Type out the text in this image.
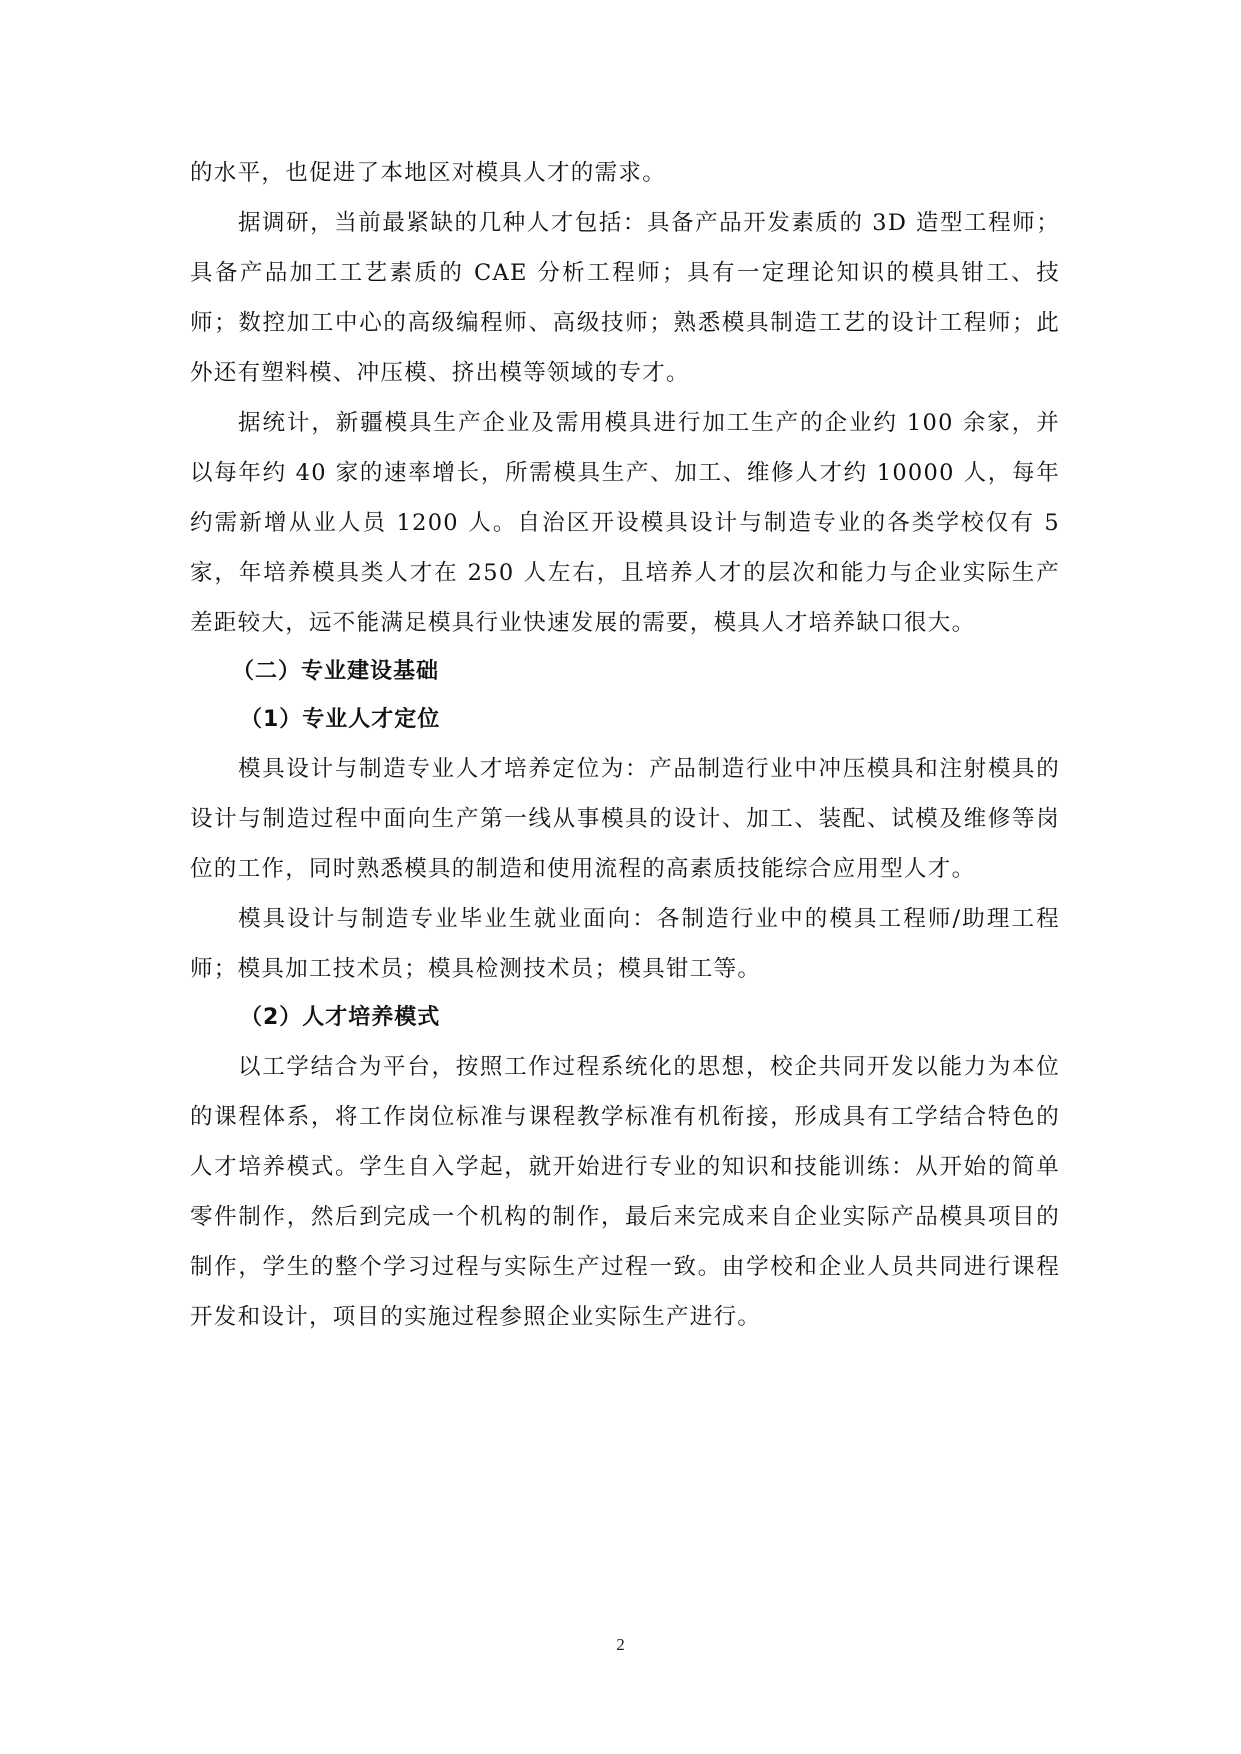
的水平，也促进了本地区对模具人才的需求。

据调研，当前最紧缺的几种人才包括：具备产品开发素质的 3D 造型工程师；具备产品加工工艺素质的 CAE 分析工程师；具有一定理论知识的模具钳工、技师；数控加工中心的高级编程师、高级技师；熟悉模具制造工艺的设计工程师；此外还有塑料模、冲压模、挤出模等领域的专才。

据统计，新疆模具生产企业及需用模具进行加工生产的企业约 100 余家，并以每年约 40 家的速率增长，所需模具生产、加工、维修人才约 10000 人，每年约需新增从业人员 1200 人。自治区开设模具设计与制造专业的各类学校仅有 5 家，年培养模具类人才在 250 人左右，且培养人才的层次和能力与企业实际生产差距较大，远不能满足模具行业快速发展的需要，模具人才培养缺口很大。

（二）专业建设基础
（1）专业人才定位

模具设计与制造专业人才培养定位为：产品制造行业中冲压模具和注射模具的设计与制造过程中面向生产第一线从事模具的设计、加工、装配、试模及维修等岗位的工作，同时熟悉模具的制造和使用流程的高素质技能综合应用型人才。

模具设计与制造专业毕业生就业面向：各制造行业中的模具工程师/助理工程师；模具加工技术员；模具检测技术员；模具钳工等。

（2）人才培养模式

以工学结合为平台，按照工作过程系统化的思想，校企共同开发以能力为本位的课程体系，将工作岗位标准与课程教学标准有机衔接，形成具有工学结合特色的人才培养模式。学生自入学起，就开始进行专业的知识和技能训练：从开始的简单零件制作，然后到完成一个机构的制作，最后来完成来自企业实际产品模具项目的制作，学生的整个学习过程与实际生产过程一致。由学校和企业人员共同进行课程开发和设计，项目的实施过程参照企业实际生产进行。

2
